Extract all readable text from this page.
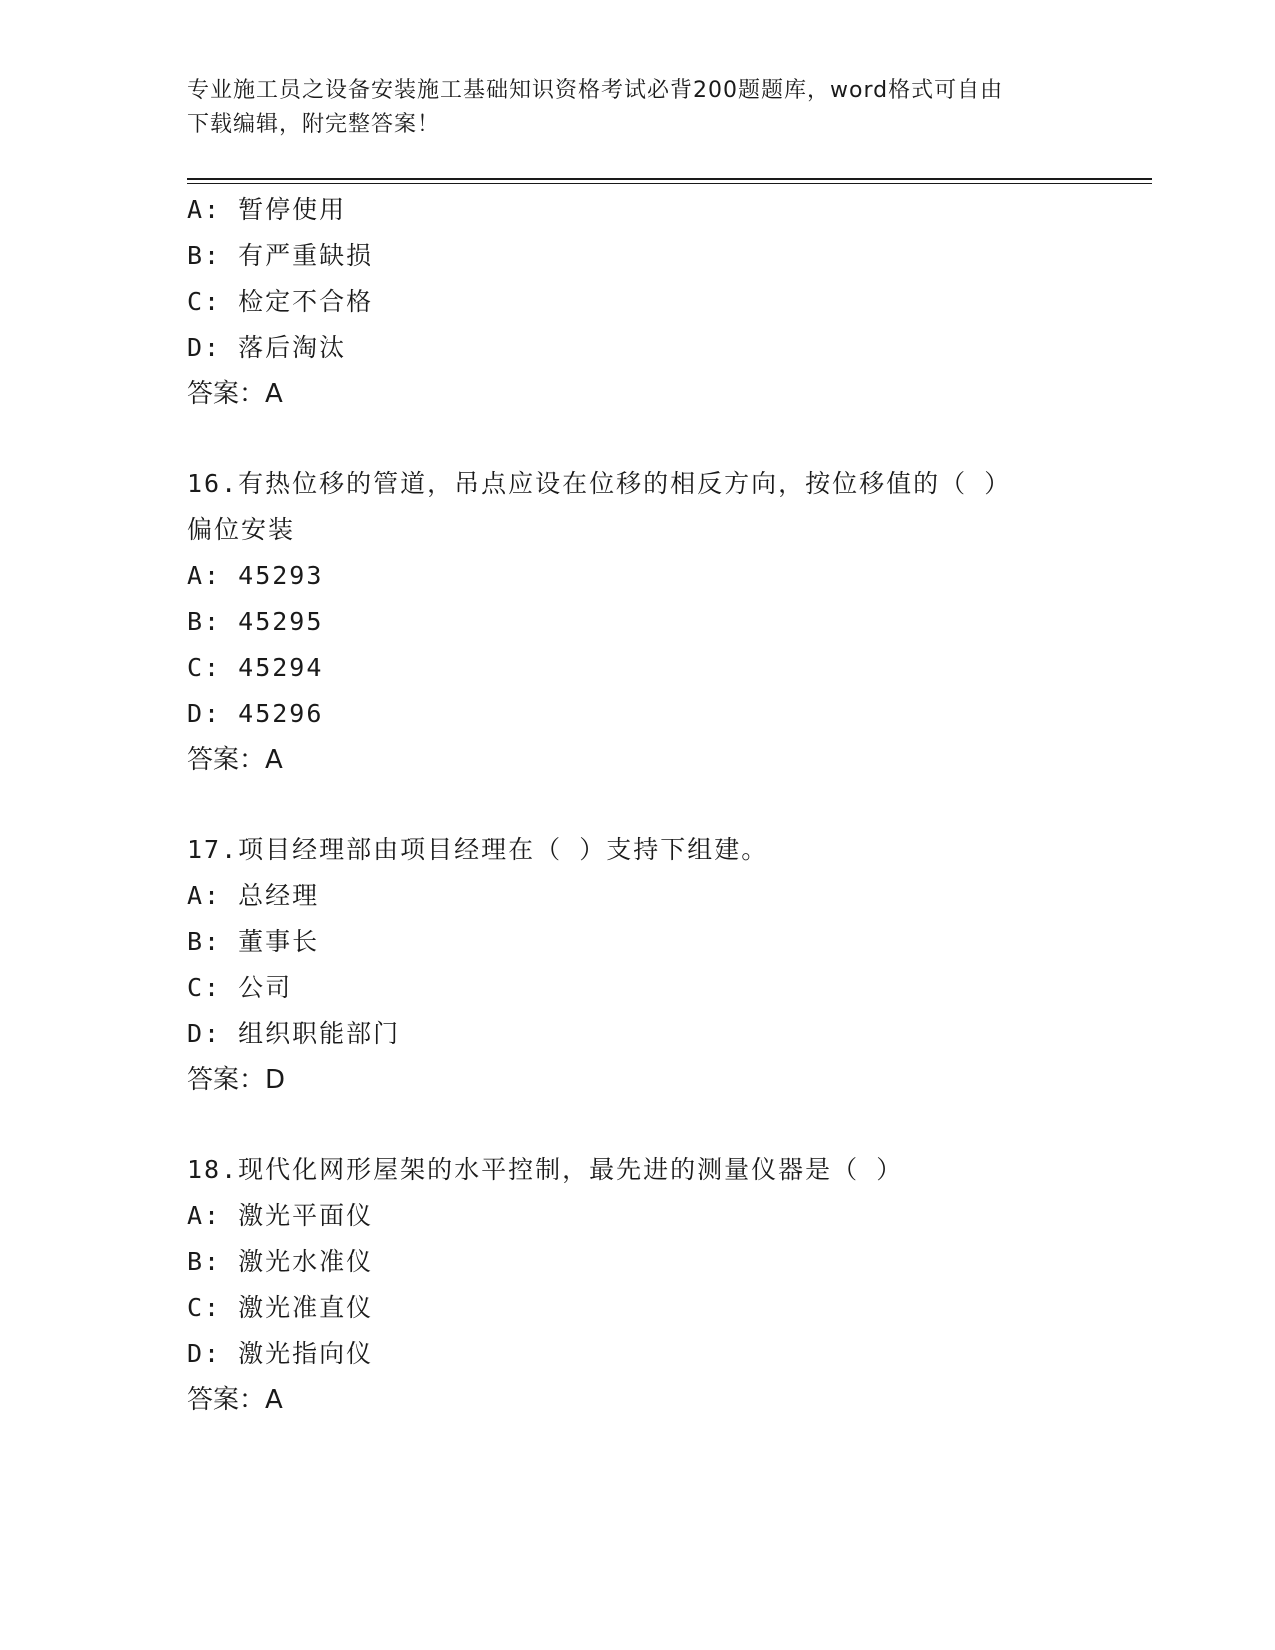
专业施工员之设备安装施工基础知识资格考试必背200题题库，word格式可自由
下载编辑，附完整答案！
A: 暂停使用
B: 有严重缺损
C: 检定不合格
D: 落后淘汰
答案：A
16.有热位移的管道，吊点应设在位移的相反方向，按位移值的（ ）
偏位安装
A: 45293
B: 45295
C: 45294
D: 45296
答案：A
17.项目经理部由项目经理在（ ）支持下组建。
A: 总经理
B: 董事长
C: 公司
D: 组织职能部门
答案：D
18.现代化网形屋架的水平控制，最先进的测量仪器是（ ）
A: 激光平面仪
B: 激光水准仪
C: 激光准直仪
D: 激光指向仪
答案：A
